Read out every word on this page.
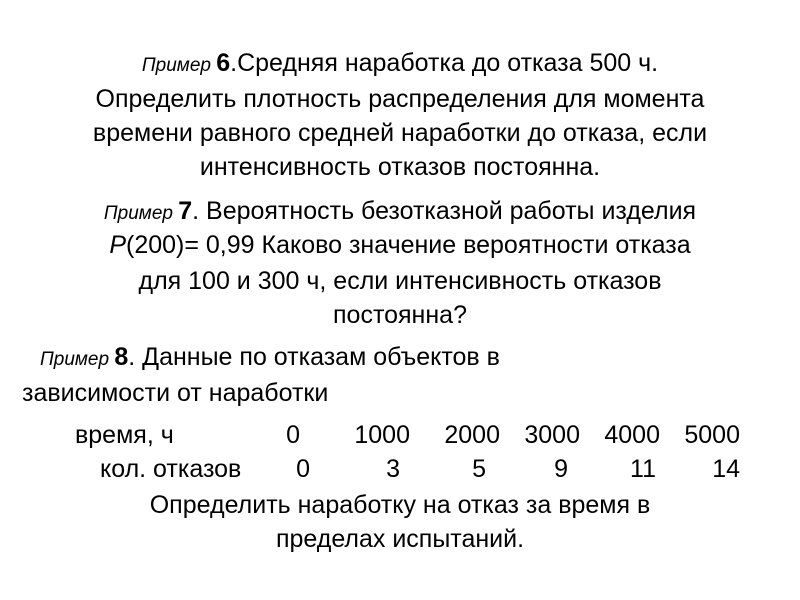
Пример 6.Средняя наработка до отказа 500 ч.
Определить плотность распределения для момента
времени равного средней наработки до отказа, если
интенсивность отказов постоянна.
Пример 7. Вероятность безотказной работы изделия
P(200)= 0,99 Каково значение вероятности отказа
для 100 и 300 ч, если интенсивность отказов
постоянна?
Пример 8. Данные по отказам объектов в
зависимости от наработки
время, ч	0	1000	2000 3000 4000 5000
кол. отказов	0	3	5	9	11	14
Определить наработку на отказ за время в
пределах испытаний.
